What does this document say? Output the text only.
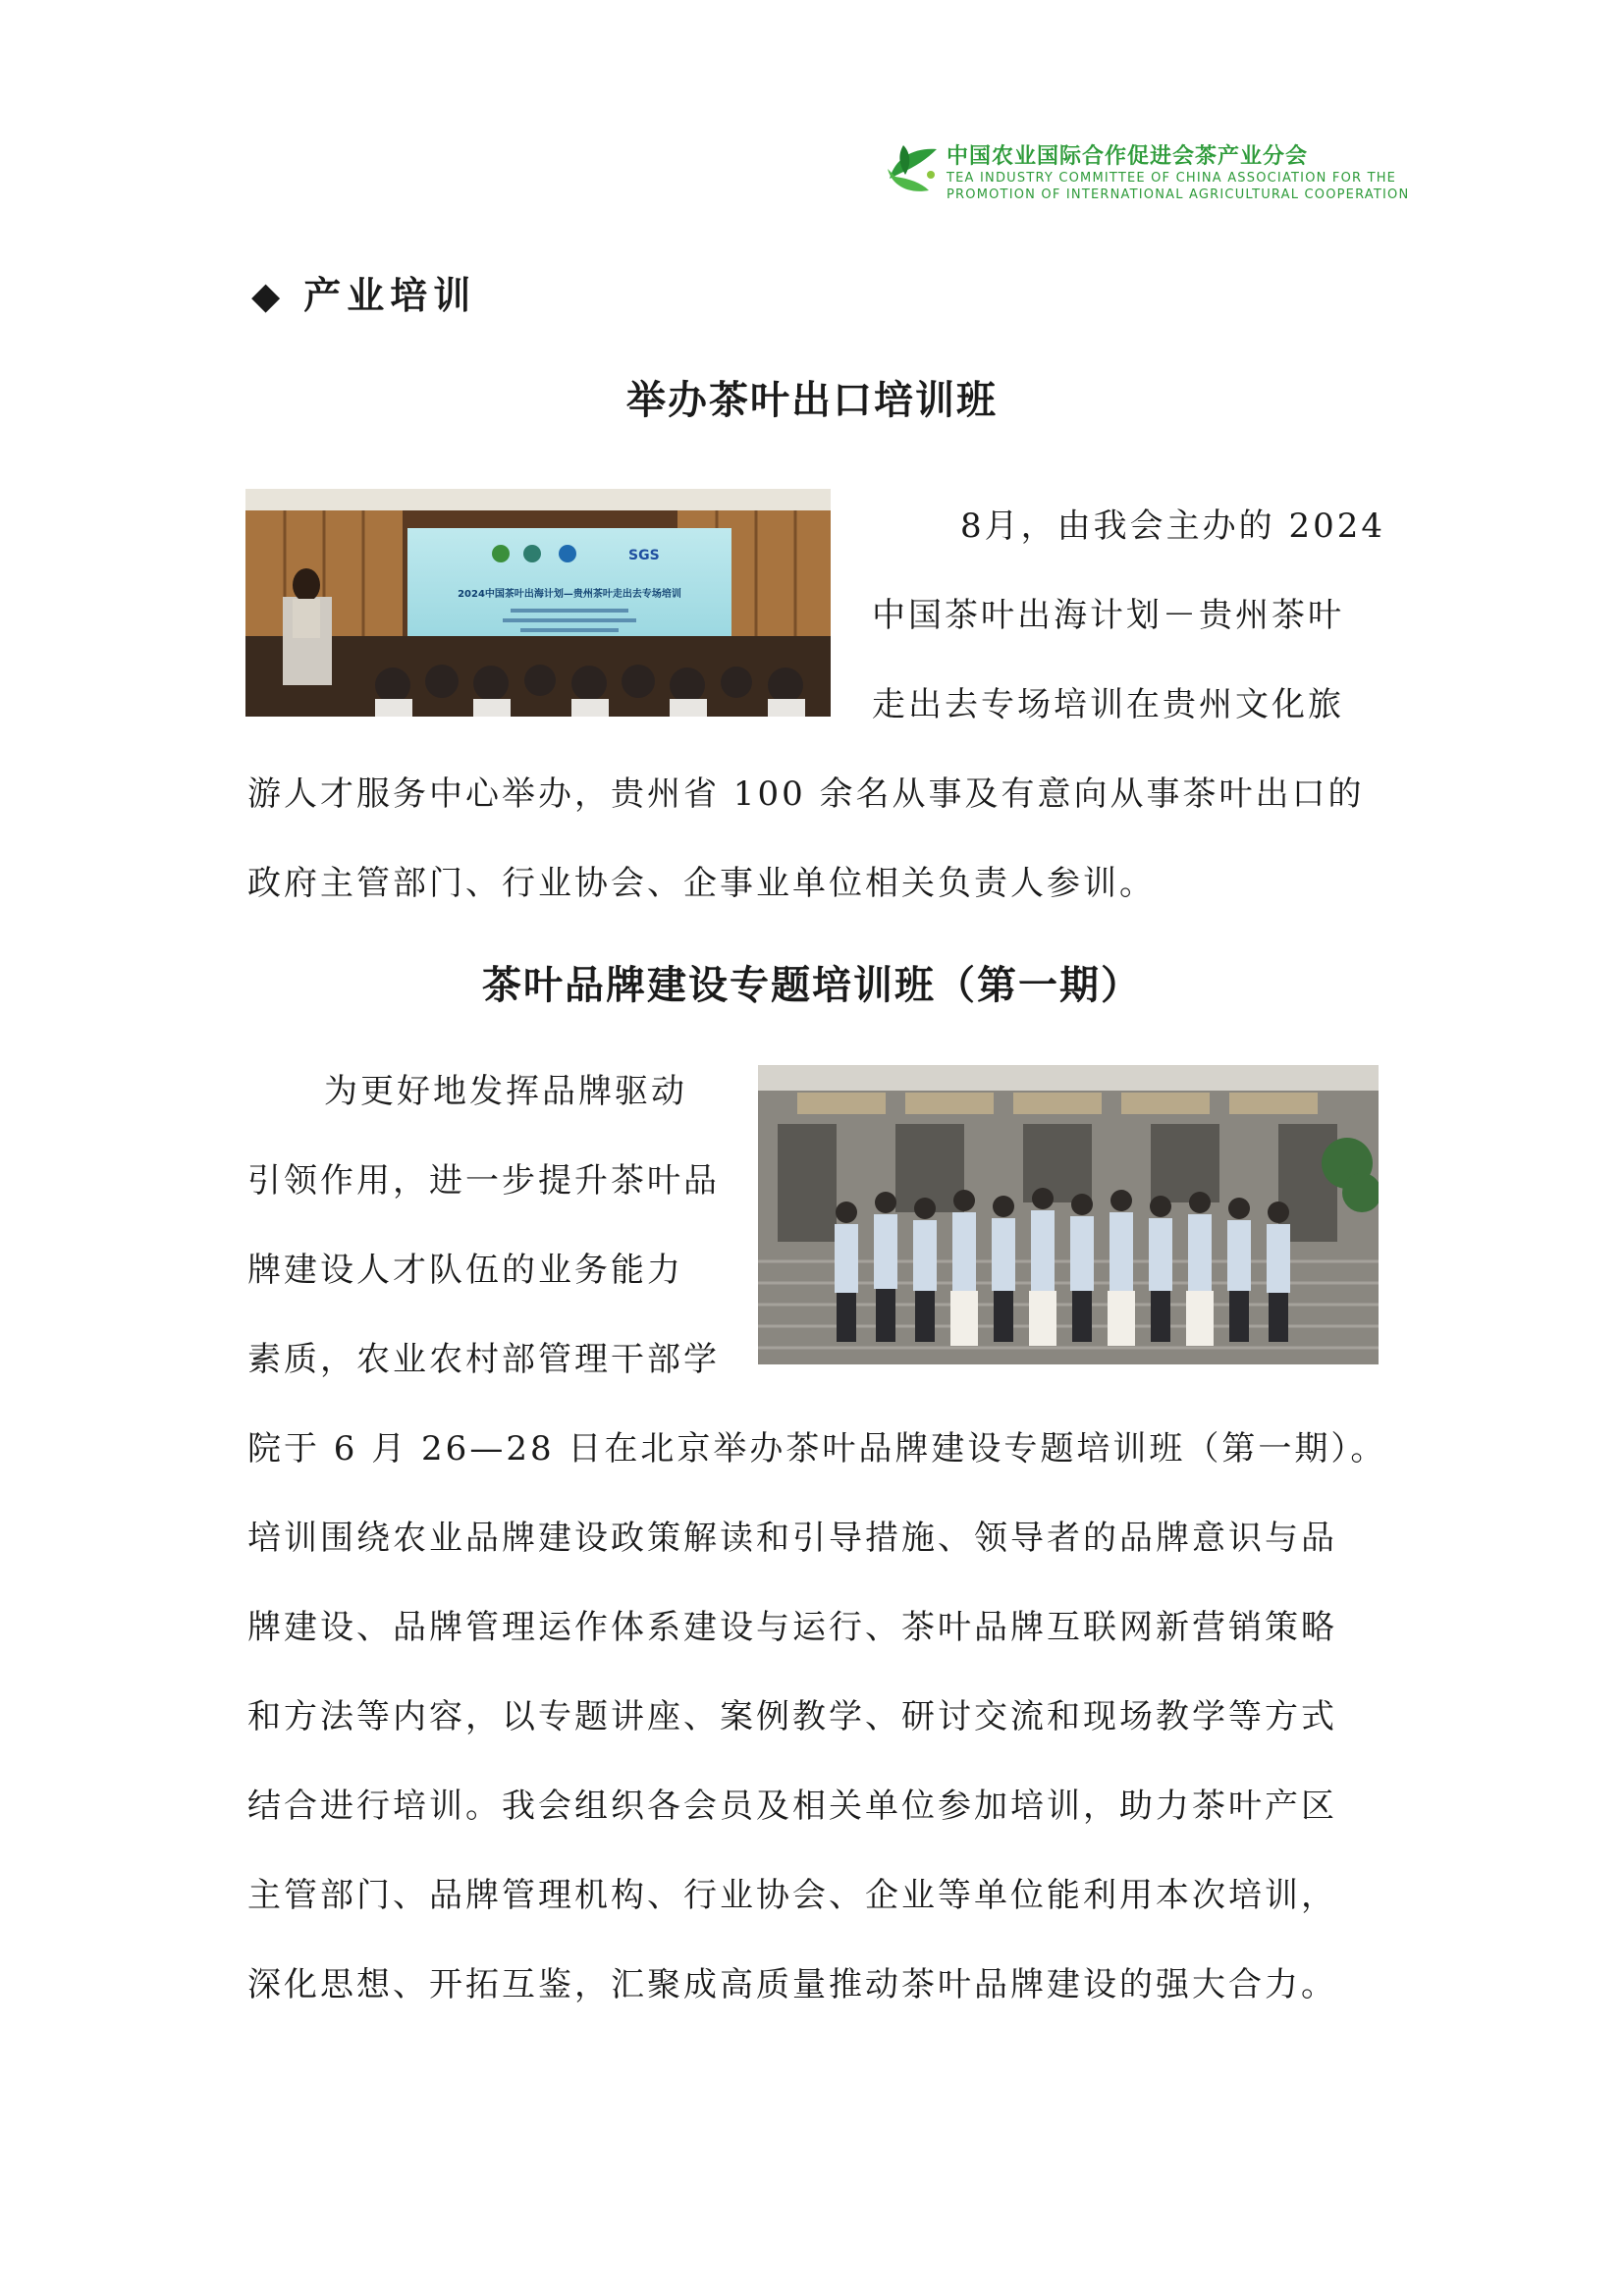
中国农业国际合作促进会茶产业分会
TEA INDUSTRY COMMITTEE OF CHINA ASSOCIATION FOR THE
PROMOTION OF INTERNATIONAL AGRICULTURAL COOPERATION
◆ 产业培训
举办茶叶出口培训班
SGS
2024中国茶叶出海计划—贵州茶叶走出去专场培训
8月，由我会主办的 2024
中国茶叶出海计划－贵州茶叶
走出去专场培训在贵州文化旅
游人才服务中心举办，贵州省 100 余名从事及有意向从事茶叶出口的
政府主管部门、行业协会、企事业单位相关负责人参训。
茶叶品牌建设专题培训班（第一期）
为更好地发挥品牌驱动
引领作用，进一步提升茶叶品
牌建设人才队伍的业务能力
素质，农业农村部管理干部学
院于 6 月 26—28 日在北京举办茶叶品牌建设专题培训班（第一期）。
培训围绕农业品牌建设政策解读和引导措施、领导者的品牌意识与品
牌建设、品牌管理运作体系建设与运行、茶叶品牌互联网新营销策略
和方法等内容，以专题讲座、案例教学、研讨交流和现场教学等方式
结合进行培训。我会组织各会员及相关单位参加培训，助力茶叶产区
主管部门、品牌管理机构、行业协会、企业等单位能利用本次培训，
深化思想、开拓互鉴，汇聚成高质量推动茶叶品牌建设的强大合力。
